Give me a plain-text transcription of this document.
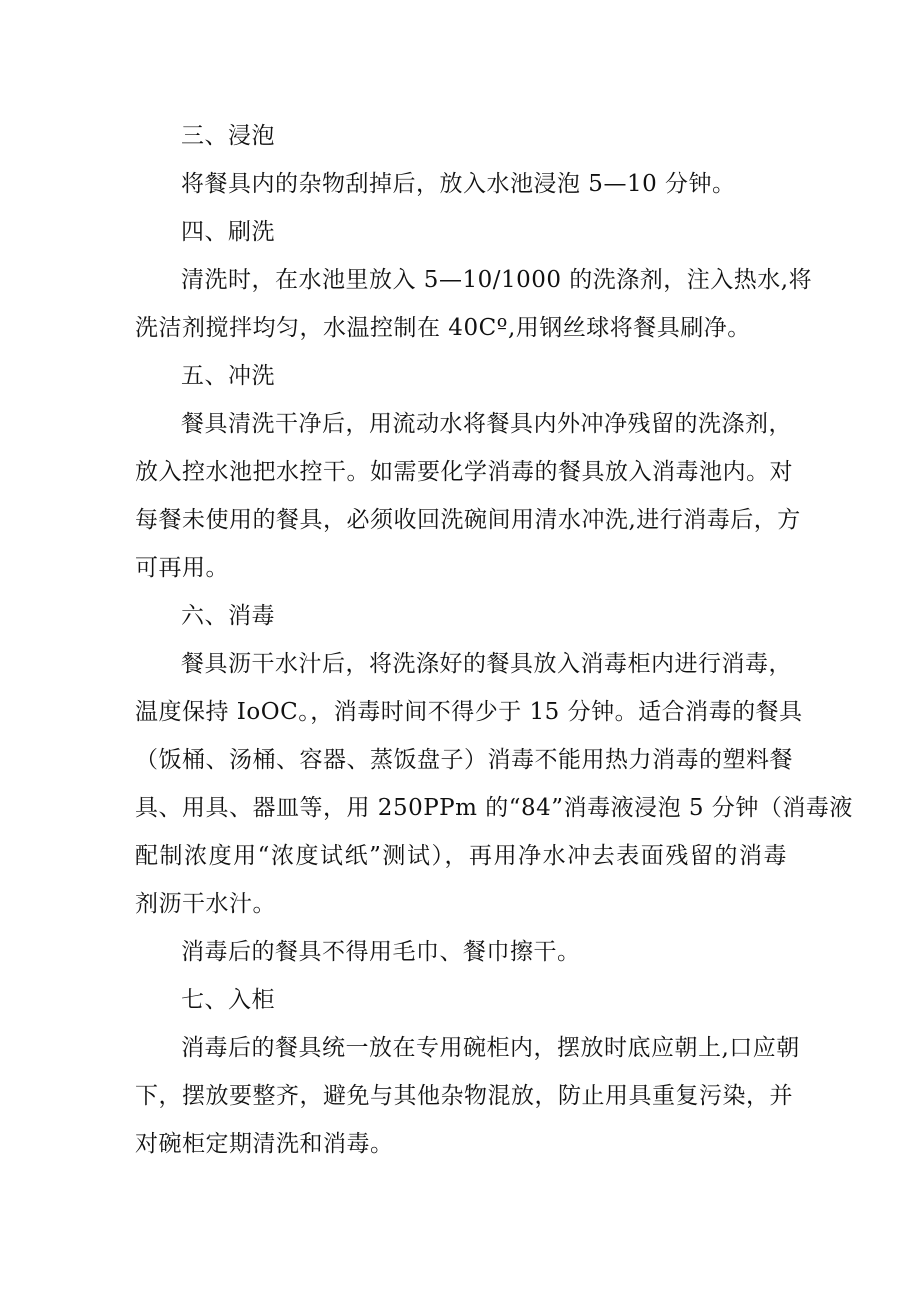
三、浸泡

将餐具内的杂物刮掉后，放入水池浸泡 5—10 分钟。

四、刷洗

清洗时，在水池里放入 5—10/1000 的洗涤剂，注入热水,将
洗洁剂搅拌均匀，水温控制在 40Cº,用钢丝球将餐具刷净。

五、冲洗

餐具清洗干净后，用流动水将餐具内外冲净残留的洗涤剂，
放入控水池把水控干。如需要化学消毒的餐具放入消毒池内。对
每餐未使用的餐具，必须收回洗碗间用清水冲洗,进行消毒后，方
可再用。

六、消毒

餐具沥干水汁后，将洗涤好的餐具放入消毒柜内进行消毒，
温度保持 IoOC。，消毒时间不得少于 15 分钟。适合消毒的餐具
（饭桶、汤桶、容器、蒸饭盘子）消毒不能用热力消毒的塑料餐
具、用具、器皿等，用 250PPm 的“84”消毒液浸泡 5 分钟（消毒液
配制浓度用“浓度试纸”测试），再用净水冲去表面残留的消毒
剂沥干水汁。

消毒后的餐具不得用毛巾、餐巾擦干。

七、入柜

消毒后的餐具统一放在专用碗柜内，摆放时底应朝上,口应朝
下，摆放要整齐，避免与其他杂物混放，防止用具重复污染，并
对碗柜定期清洗和消毒。
